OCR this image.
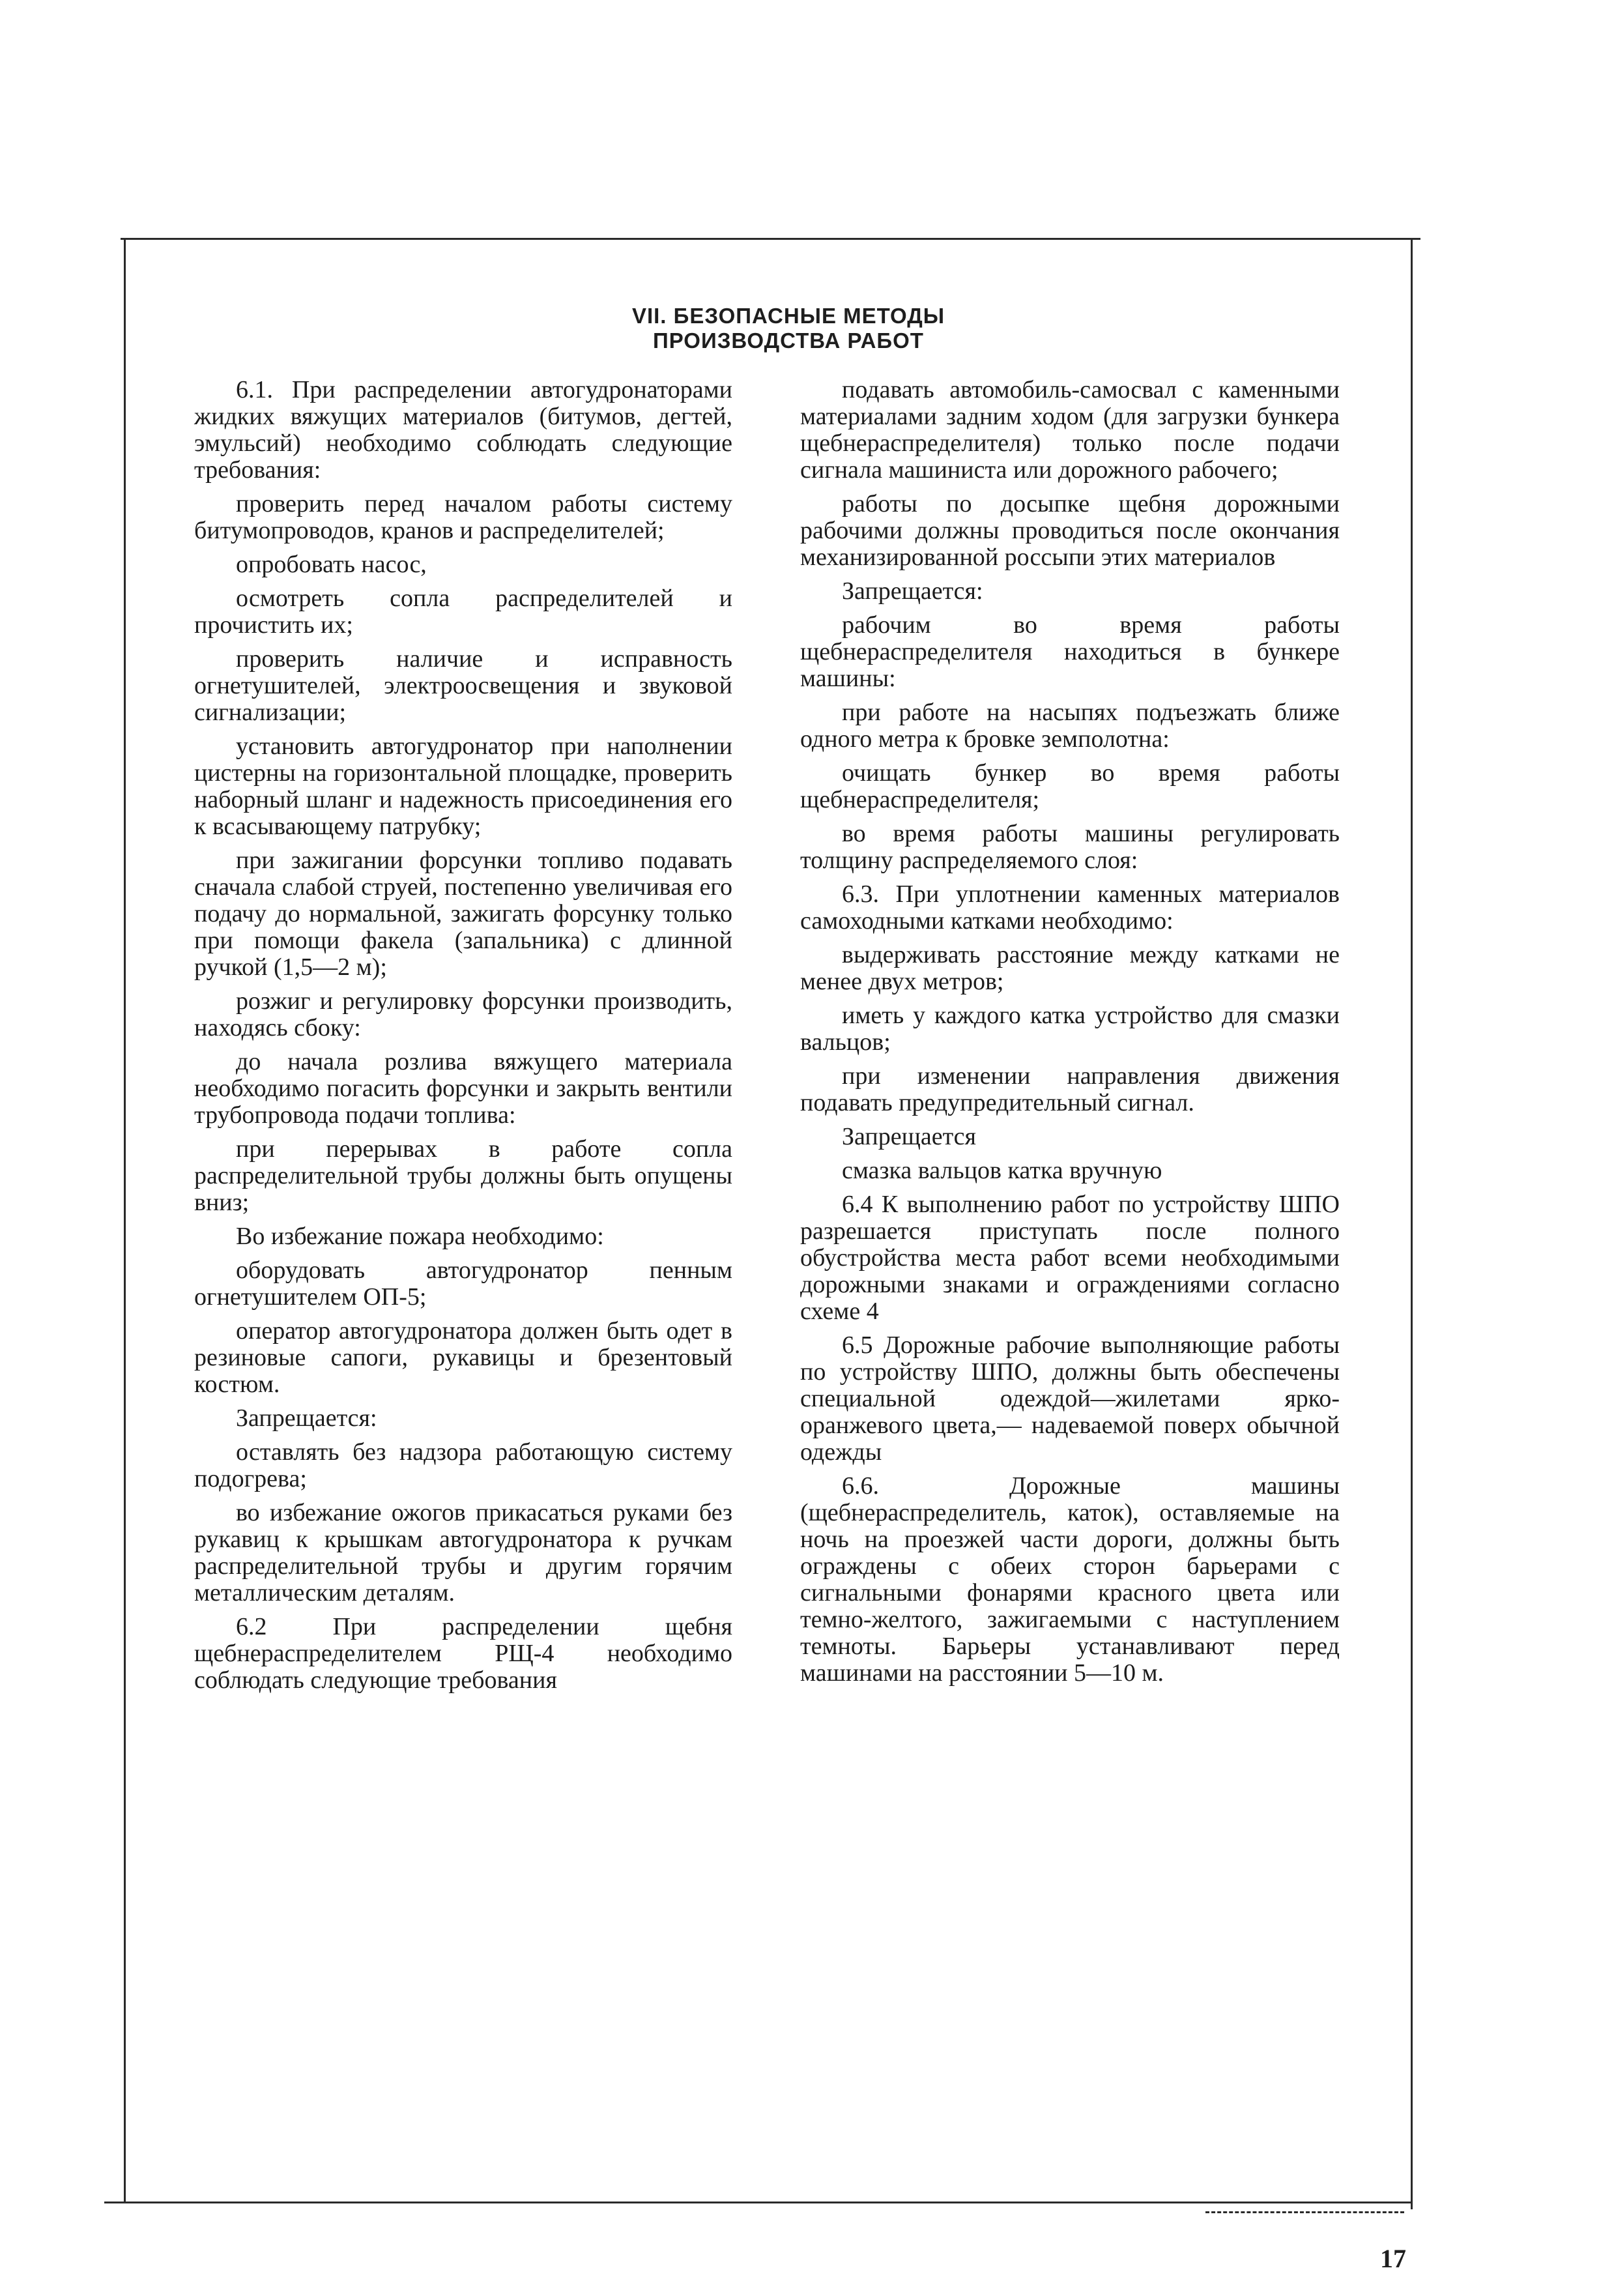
VII. БЕЗОПАСНЫЕ МЕТОДЫ
ПРОИЗВОДСТВА РАБОТ

6.1. При распределении автогудронаторами жидких вяжущих материалов (битумов, дегтей, эмульсий) необходимо соблюдать следующие требования:

проверить перед началом работы систему битумопроводов, кранов и распределителей;

опробовать насос,

осмотреть сопла распределителей и прочистить их;

проверить наличие и исправность огнетушителей, электроосвещения и звуковой сигнализации;

установить автогудронатор при наполнении цистерны на горизонтальной площадке, проверить наборный шланг и надежность присоединения его к всасывающему патрубку;

при зажигании форсунки топливо подавать сначала слабой струей, постепенно увеличивая его подачу до нормальной, зажигать форсунку только при помощи факела (запальника) с длинной ручкой (1,5—2 м);

розжиг и регулировку форсунки производить, находясь сбоку:

до начала розлива вяжущего материала необходимо погасить форсунки и закрыть вентили трубопровода подачи топлива:

при перерывах в работе сопла распределительной трубы должны быть опущены вниз;

Во избежание пожара необходимо:

оборудовать автогудронатор пенным огнетушителем ОП-5;

оператор автогудронатора должен быть одет в резиновые сапоги, рукавицы и брезентовый костюм.

Запрещается:

оставлять без надзора работающую систему подогрева;

во избежание ожогов прикасаться руками без рукавиц к крышкам автогудронатора к ручкам распределительной трубы и другим горячим металлическим деталям.

6.2 При распределении щебня щебнераспределителем РЩ-4 необходимо соблюдать следующие требования

подавать автомобиль-самосвал с каменными материалами задним ходом (для загрузки бункера щебнераспределителя) только после подачи сигнала машиниста или дорожного рабочего;

работы по досыпке щебня дорожными рабочими должны проводиться после окончания механизированной россыпи этих материалов

Запрещается:

рабочим во время работы щебнераспределителя находиться в бункере машины:

при работе на насыпях подъезжать ближе одного метра к бровке земполотна:

очищать бункер во время работы щебнераспределителя;

во время работы машины регулировать толщину распределяемого слоя:

6.3. При уплотнении каменных материалов самоходными катками необходимо:

выдерживать расстояние между катками не менее двух метров;

иметь у каждого катка устройство для смазки вальцов;

при изменении направления движения подавать предупредительный сигнал.

Запрещается

смазка вальцов катка вручную

6.4 К выполнению работ по устройству ШПО разрешается приступать после полного обустройства места работ всеми необходимыми дорожными знаками и ограждениями согласно схеме 4

6.5 Дорожные рабочие выполняющие работы по устройству ШПО, должны быть обеспечены специальной одеждой—жилетами ярко-оранжевого цвета,— надеваемой поверх обычной одежды

6.6. Дорожные машины (щебнераспределитель, каток), оставляемые на ночь на проезжей части дороги, должны быть ограждены с обеих сторон барьерами с сигнальными фонарями красного цвета или темно-желтого, зажигаемыми с наступлением темноты. Барьеры устанавливают перед машинами на расстоянии 5—10 м.

17
